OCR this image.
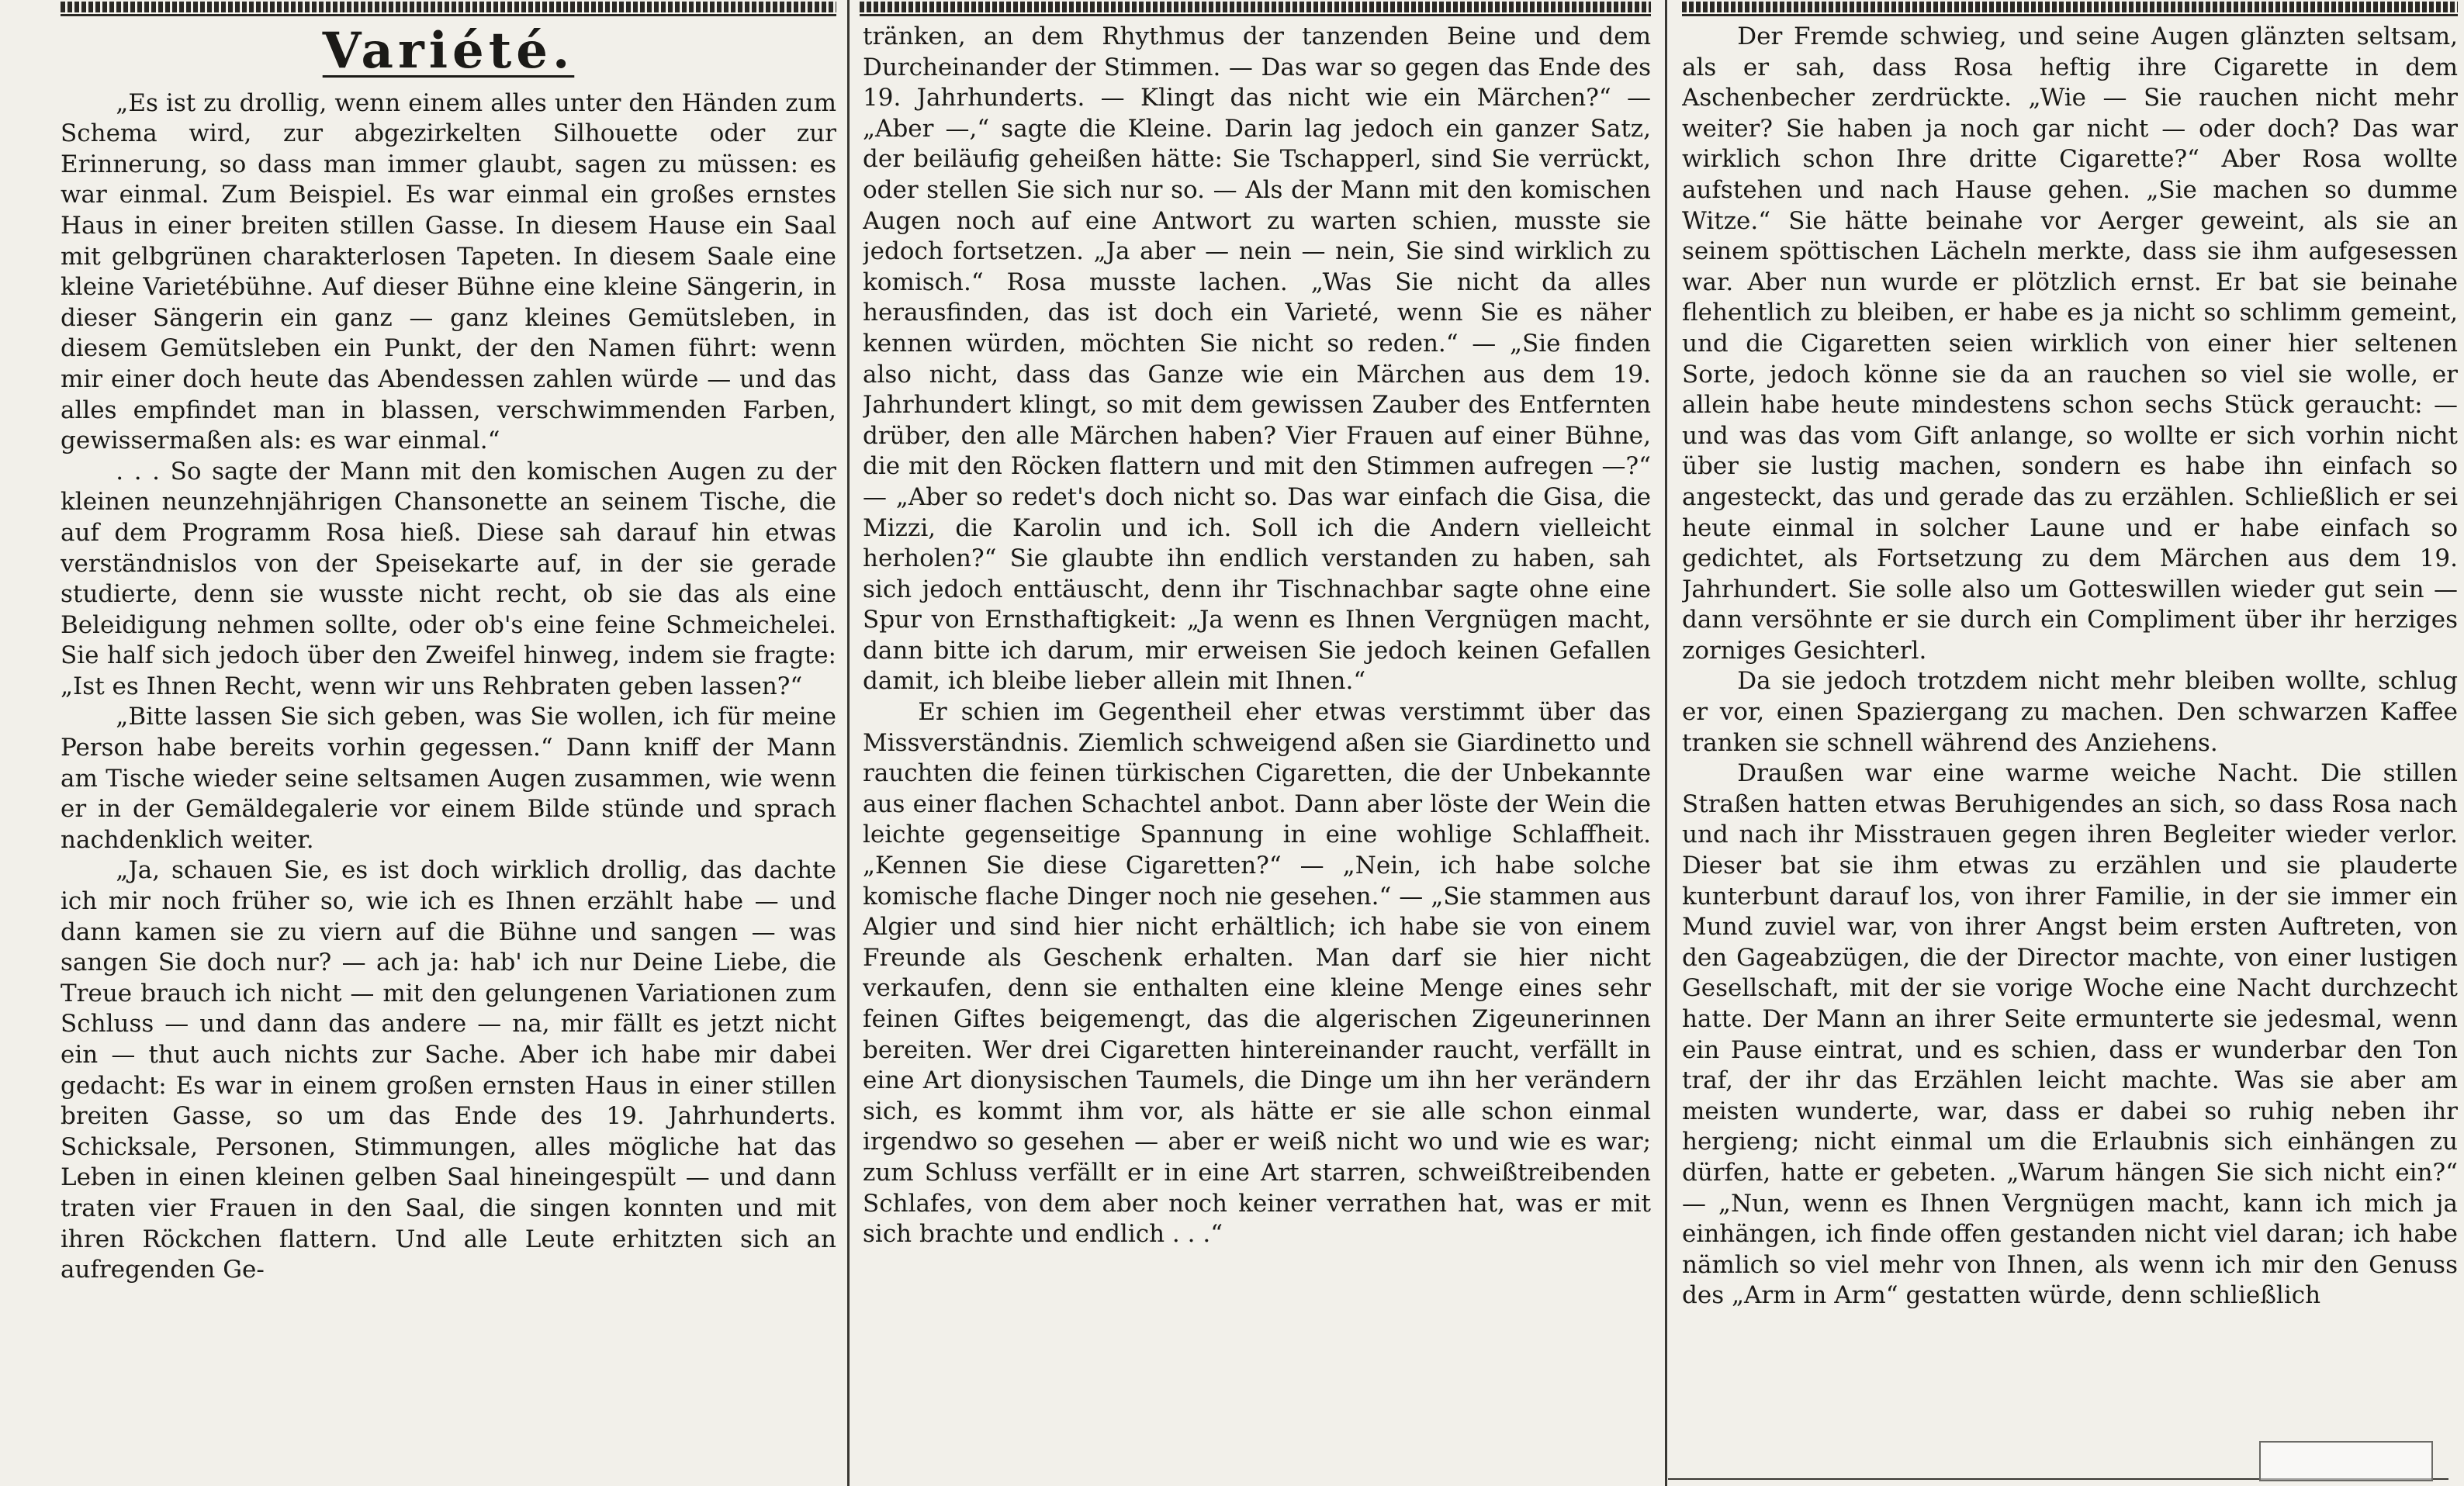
Variété.

„Es ist zu drollig, wenn einem alles unter den Händen zum Schema wird, zur abgezirkelten Silhouette oder zur Erinnerung, so dass man immer glaubt, sagen zu müssen: es war einmal. Zum Beispiel. Es war einmal ein großes ernstes Haus in einer breiten stillen Gasse. In diesem Hause ein Saal mit gelbgrünen charakterlosen Tapeten. In diesem Saale eine kleine Varietébühne. Auf dieser Bühne eine kleine Sängerin, in dieser Sängerin ein ganz — ganz kleines Gemütsleben, in diesem Gemütsleben ein Punkt, der den Namen führt: wenn mir einer doch heute das Abendessen zahlen würde — und das alles empfindet man in blassen, verschwimmenden Farben, gewissermaßen als: es war einmal.“

. . . So sagte der Mann mit den komischen Augen zu der kleinen neunzehnjährigen Chansonette an seinem Tische, die auf dem Programm Rosa hieß. Diese sah darauf hin etwas verständnislos von der Speisekarte auf, in der sie gerade studierte, denn sie wusste nicht recht, ob sie das als eine Beleidigung nehmen sollte, oder ob's eine feine Schmeichelei. Sie half sich jedoch über den Zweifel hinweg, indem sie fragte: „Ist es Ihnen Recht, wenn wir uns Rehbraten geben lassen?“

„Bitte lassen Sie sich geben, was Sie wollen, ich für meine Person habe bereits vorhin gegessen.“ Dann kniff der Mann am Tische wieder seine seltsamen Augen zusammen, wie wenn er in der Gemäldegalerie vor einem Bilde stünde und sprach nachdenklich weiter.

„Ja, schauen Sie, es ist doch wirklich drollig, das dachte ich mir noch früher so, wie ich es Ihnen erzählt habe — und dann kamen sie zu viern auf die Bühne und sangen — was sangen Sie doch nur? — ach ja: hab' ich nur Deine Liebe, die Treue brauch ich nicht — mit den gelungenen Variationen zum Schluss — und dann das andere — na, mir fällt es jetzt nicht ein — thut auch nichts zur Sache. Aber ich habe mir dabei gedacht: Es war in einem großen ernsten Haus in einer stillen breiten Gasse, so um das Ende des 19. Jahrhunderts. Schicksale, Personen, Stimmungen, alles mögliche hat das Leben in einen kleinen gelben Saal hineingespült — und dann traten vier Frauen in den Saal, die singen konnten und mit ihren Röckchen flattern. Und alle Leute erhitzten sich an aufregenden Ge-

tränken, an dem Rhythmus der tanzenden Beine und dem Durcheinander der Stimmen. — Das war so gegen das Ende des 19. Jahrhunderts. — Klingt das nicht wie ein Märchen?“ — „Aber —,“ sagte die Kleine. Darin lag jedoch ein ganzer Satz, der beiläufig geheißen hätte: Sie Tschapperl, sind Sie verrückt, oder stellen Sie sich nur so. — Als der Mann mit den komischen Augen noch auf eine Antwort zu warten schien, musste sie jedoch fortsetzen. „Ja aber — nein — nein, Sie sind wirklich zu komisch.“ Rosa musste lachen. „Was Sie nicht da alles herausfinden, das ist doch ein Varieté, wenn Sie es näher kennen würden, möchten Sie nicht so reden.“ — „Sie finden also nicht, dass das Ganze wie ein Märchen aus dem 19. Jahrhundert klingt, so mit dem gewissen Zauber des Entfernten drüber, den alle Märchen haben? Vier Frauen auf einer Bühne, die mit den Röcken flattern und mit den Stimmen aufregen —?“ — „Aber so redet's doch nicht so. Das war einfach die Gisa, die Mizzi, die Karolin und ich. Soll ich die Andern vielleicht herholen?“ Sie glaubte ihn endlich verstanden zu haben, sah sich jedoch enttäuscht, denn ihr Tischnachbar sagte ohne eine Spur von Ernsthaftigkeit: „Ja wenn es Ihnen Vergnügen macht, dann bitte ich darum, mir erweisen Sie jedoch keinen Gefallen damit, ich bleibe lieber allein mit Ihnen.“

Er schien im Gegentheil eher etwas verstimmt über das Missverständnis. Ziemlich schweigend aßen sie Giardinetto und rauchten die feinen türkischen Cigaretten, die der Unbekannte aus einer flachen Schachtel anbot. Dann aber löste der Wein die leichte gegenseitige Spannung in eine wohlige Schlaffheit. „Kennen Sie diese Cigaretten?“ — „Nein, ich habe solche komische flache Dinger noch nie gesehen.“ — „Sie stammen aus Algier und sind hier nicht erhältlich; ich habe sie von einem Freunde als Geschenk erhalten. Man darf sie hier nicht verkaufen, denn sie enthalten eine kleine Menge eines sehr feinen Giftes beigemengt, das die algerischen Zigeunerinnen bereiten. Wer drei Cigaretten hintereinander raucht, verfällt in eine Art dionysischen Taumels, die Dinge um ihn her verändern sich, es kommt ihm vor, als hätte er sie alle schon einmal irgendwo so gesehen — aber er weiß nicht wo und wie es war; zum Schluss verfällt er in eine Art starren, schweißtreibenden Schlafes, von dem aber noch keiner verrathen hat, was er mit sich brachte und endlich . . .“

Der Fremde schwieg, und seine Augen glänzten seltsam, als er sah, dass Rosa heftig ihre Cigarette in dem Aschenbecher zerdrückte. „Wie — Sie rauchen nicht mehr weiter? Sie haben ja noch gar nicht — oder doch? Das war wirklich schon Ihre dritte Cigarette?“ Aber Rosa wollte aufstehen und nach Hause gehen. „Sie machen so dumme Witze.“ Sie hätte beinahe vor Aerger geweint, als sie an seinem spöttischen Lächeln merkte, dass sie ihm aufgesessen war. Aber nun wurde er plötzlich ernst. Er bat sie beinahe flehentlich zu bleiben, er habe es ja nicht so schlimm gemeint, und die Cigaretten seien wirklich von einer hier seltenen Sorte, jedoch könne sie da an rauchen so viel sie wolle, er allein habe heute mindestens schon sechs Stück geraucht: — und was das vom Gift anlange, so wollte er sich vorhin nicht über sie lustig machen, sondern es habe ihn einfach so angesteckt, das und gerade das zu erzählen. Schließlich er sei heute einmal in solcher Laune und er habe einfach so gedichtet, als Fortsetzung zu dem Märchen aus dem 19. Jahrhundert. Sie solle also um Gotteswillen wieder gut sein — dann versöhnte er sie durch ein Compliment über ihr herziges zorniges Gesichterl.

Da sie jedoch trotzdem nicht mehr bleiben wollte, schlug er vor, einen Spaziergang zu machen. Den schwarzen Kaffee tranken sie schnell während des Anziehens.

Draußen war eine warme weiche Nacht. Die stillen Straßen hatten etwas Beruhigendes an sich, so dass Rosa nach und nach ihr Misstrauen gegen ihren Begleiter wieder verlor. Dieser bat sie ihm etwas zu erzählen und sie plauderte kunterbunt darauf los, von ihrer Familie, in der sie immer ein Mund zuviel war, von ihrer Angst beim ersten Auftreten, von den Gageabzügen, die der Director machte, von einer lustigen Gesellschaft, mit der sie vorige Woche eine Nacht durchzecht hatte. Der Mann an ihrer Seite ermunterte sie jedesmal, wenn ein Pause eintrat, und es schien, dass er wunderbar den Ton traf, der ihr das Erzählen leicht machte. Was sie aber am meisten wunderte, war, dass er dabei so ruhig neben ihr hergieng; nicht einmal um die Erlaubnis sich einhängen zu dürfen, hatte er gebeten. „Warum hängen Sie sich nicht ein?“ — „Nun, wenn es Ihnen Vergnügen macht, kann ich mich ja einhängen, ich finde offen gestanden nicht viel daran; ich habe nämlich so viel mehr von Ihnen, als wenn ich mir den Genuss des „Arm in Arm“ gestatten würde, denn schließlich
